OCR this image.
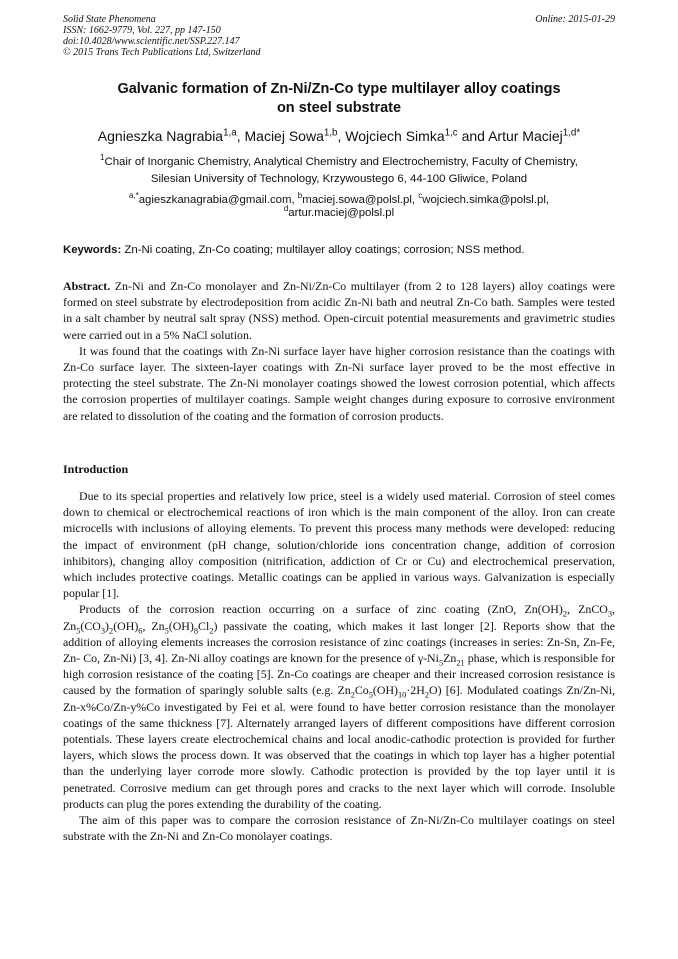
Solid State Phenomena
ISSN: 1662-9779, Vol. 227, pp 147-150
doi:10.4028/www.scientific.net/SSP.227.147
© 2015 Trans Tech Publications Ltd, Switzerland
Online: 2015-01-29
Galvanic formation of Zn-Ni/Zn-Co type multilayer alloy coatings
on steel substrate
Agnieszka Nagrabia$^{1,a}$, Maciej Sowa$^{1,b}$, Wojciech Simka$^{1,c}$ and Artur Maciej$^{1,d*}$
$^1$Chair of Inorganic Chemistry, Analytical Chemistry and Electrochemistry, Faculty of Chemistry,
Silesian University of Technology, Krzywoustego 6, 44-100 Gliwice, Poland
$^{a,*}$agieszkanagrabia@gmail.com, $^b$maciej.sowa@polsl.pl, $^c$wojciech.simka@polsl.pl,
$^d$artur.maciej@polsl.pl
Keywords: Zn-Ni coating, Zn-Co coating; multilayer alloy coatings; corrosion; NSS method.

Abstract. Zn-Ni and Zn-Co monolayer and Zn-Ni/Zn-Co multilayer (from 2 to 128 layers) alloy coatings were formed on steel substrate by electrodeposition from acidic Zn-Ni bath and neutral Zn-Co bath. Samples were tested in a salt chamber by neutral salt spray (NSS) method. Open-circuit potential measurements and gravimetric studies were carried out in a 5% NaCl solution.

It was found that the coatings with Zn-Ni surface layer have higher corrosion resistance than the coatings with Zn-Co surface layer. The sixteen-layer coatings with Zn-Ni surface layer proved to be the most effective in protecting the steel substrate. The Zn-Ni monolayer coatings showed the lowest corrosion potential, which affects the corrosion properties of multilayer coatings. Sample weight changes during exposure to corrosive environment are related to dissolution of the coating and the formation of corrosion products.

Introduction

Due to its special properties and relatively low price, steel is a widely used material. Corrosion of steel comes down to chemical or electrochemical reactions of iron which is the main component of the alloy. Iron can create microcells with inclusions of alloying elements. To prevent this process many methods were developed: reducing the impact of environment (pH change, solution/chloride ions concentration change, addition of corrosion inhibitors), changing alloy composition (nitrification, addiction of Cr or Cu) and electrochemical preservation, which includes protective coatings. Metallic coatings can be applied in various ways. Galvanization is especially popular [1].

Products of the corrosion reaction occurring on a surface of zinc coating (ZnO, $Zn(OH)_2$, ZnCO$_3$, $Zn_5(CO_3)_2(OH)_6$, $Zn_5(OH)_8Cl_2$) passivate the coating, which makes it last longer [2]. Reports show that the addition of alloying elements increases the corrosion resistance of zinc coatings (increases in series: Zn-Sn, Zn-Fe, Zn- Co, Zn-Ni) [3, 4]. Zn-Ni alloy coatings are known for the presence of $\gamma-Ni_5Zn_{21}$ phase, which is responsible for high corrosion resistance of the coating [5]. Zn-Co coatings are cheaper and their increased corrosion resistance is caused by the formation of sparingly soluble salts (e.g. $Zn_2Co_5(OH)_{10}\cdot 2H_2O$) [6]. Modulated coatings Zn/Zn-Ni, Zn-x%Co/Zn-y%Co investigated by Fei et al. were found to have better corrosion resistance than the monolayer coatings of the same thickness [7]. Alternately arranged layers of different compositions have different corrosion potentials. These layers create electrochemical chains and local anodic-cathodic protection is provided for further layers, which slows the process down. It was observed that the coatings in which top layer has a higher potential than the underlying layer corrode more slowly. Cathodic protection is provided by the top layer until it is penetrated. Corrosive medium can get through pores and cracks to the next layer which will corrode. Insoluble products can plug the pores extending the durability of the coating.

The aim of this paper was to compare the corrosion resistance of Zn-Ni/Zn-Co multilayer coatings on steel substrate with the Zn-Ni and Zn-Co monolayer coatings.
